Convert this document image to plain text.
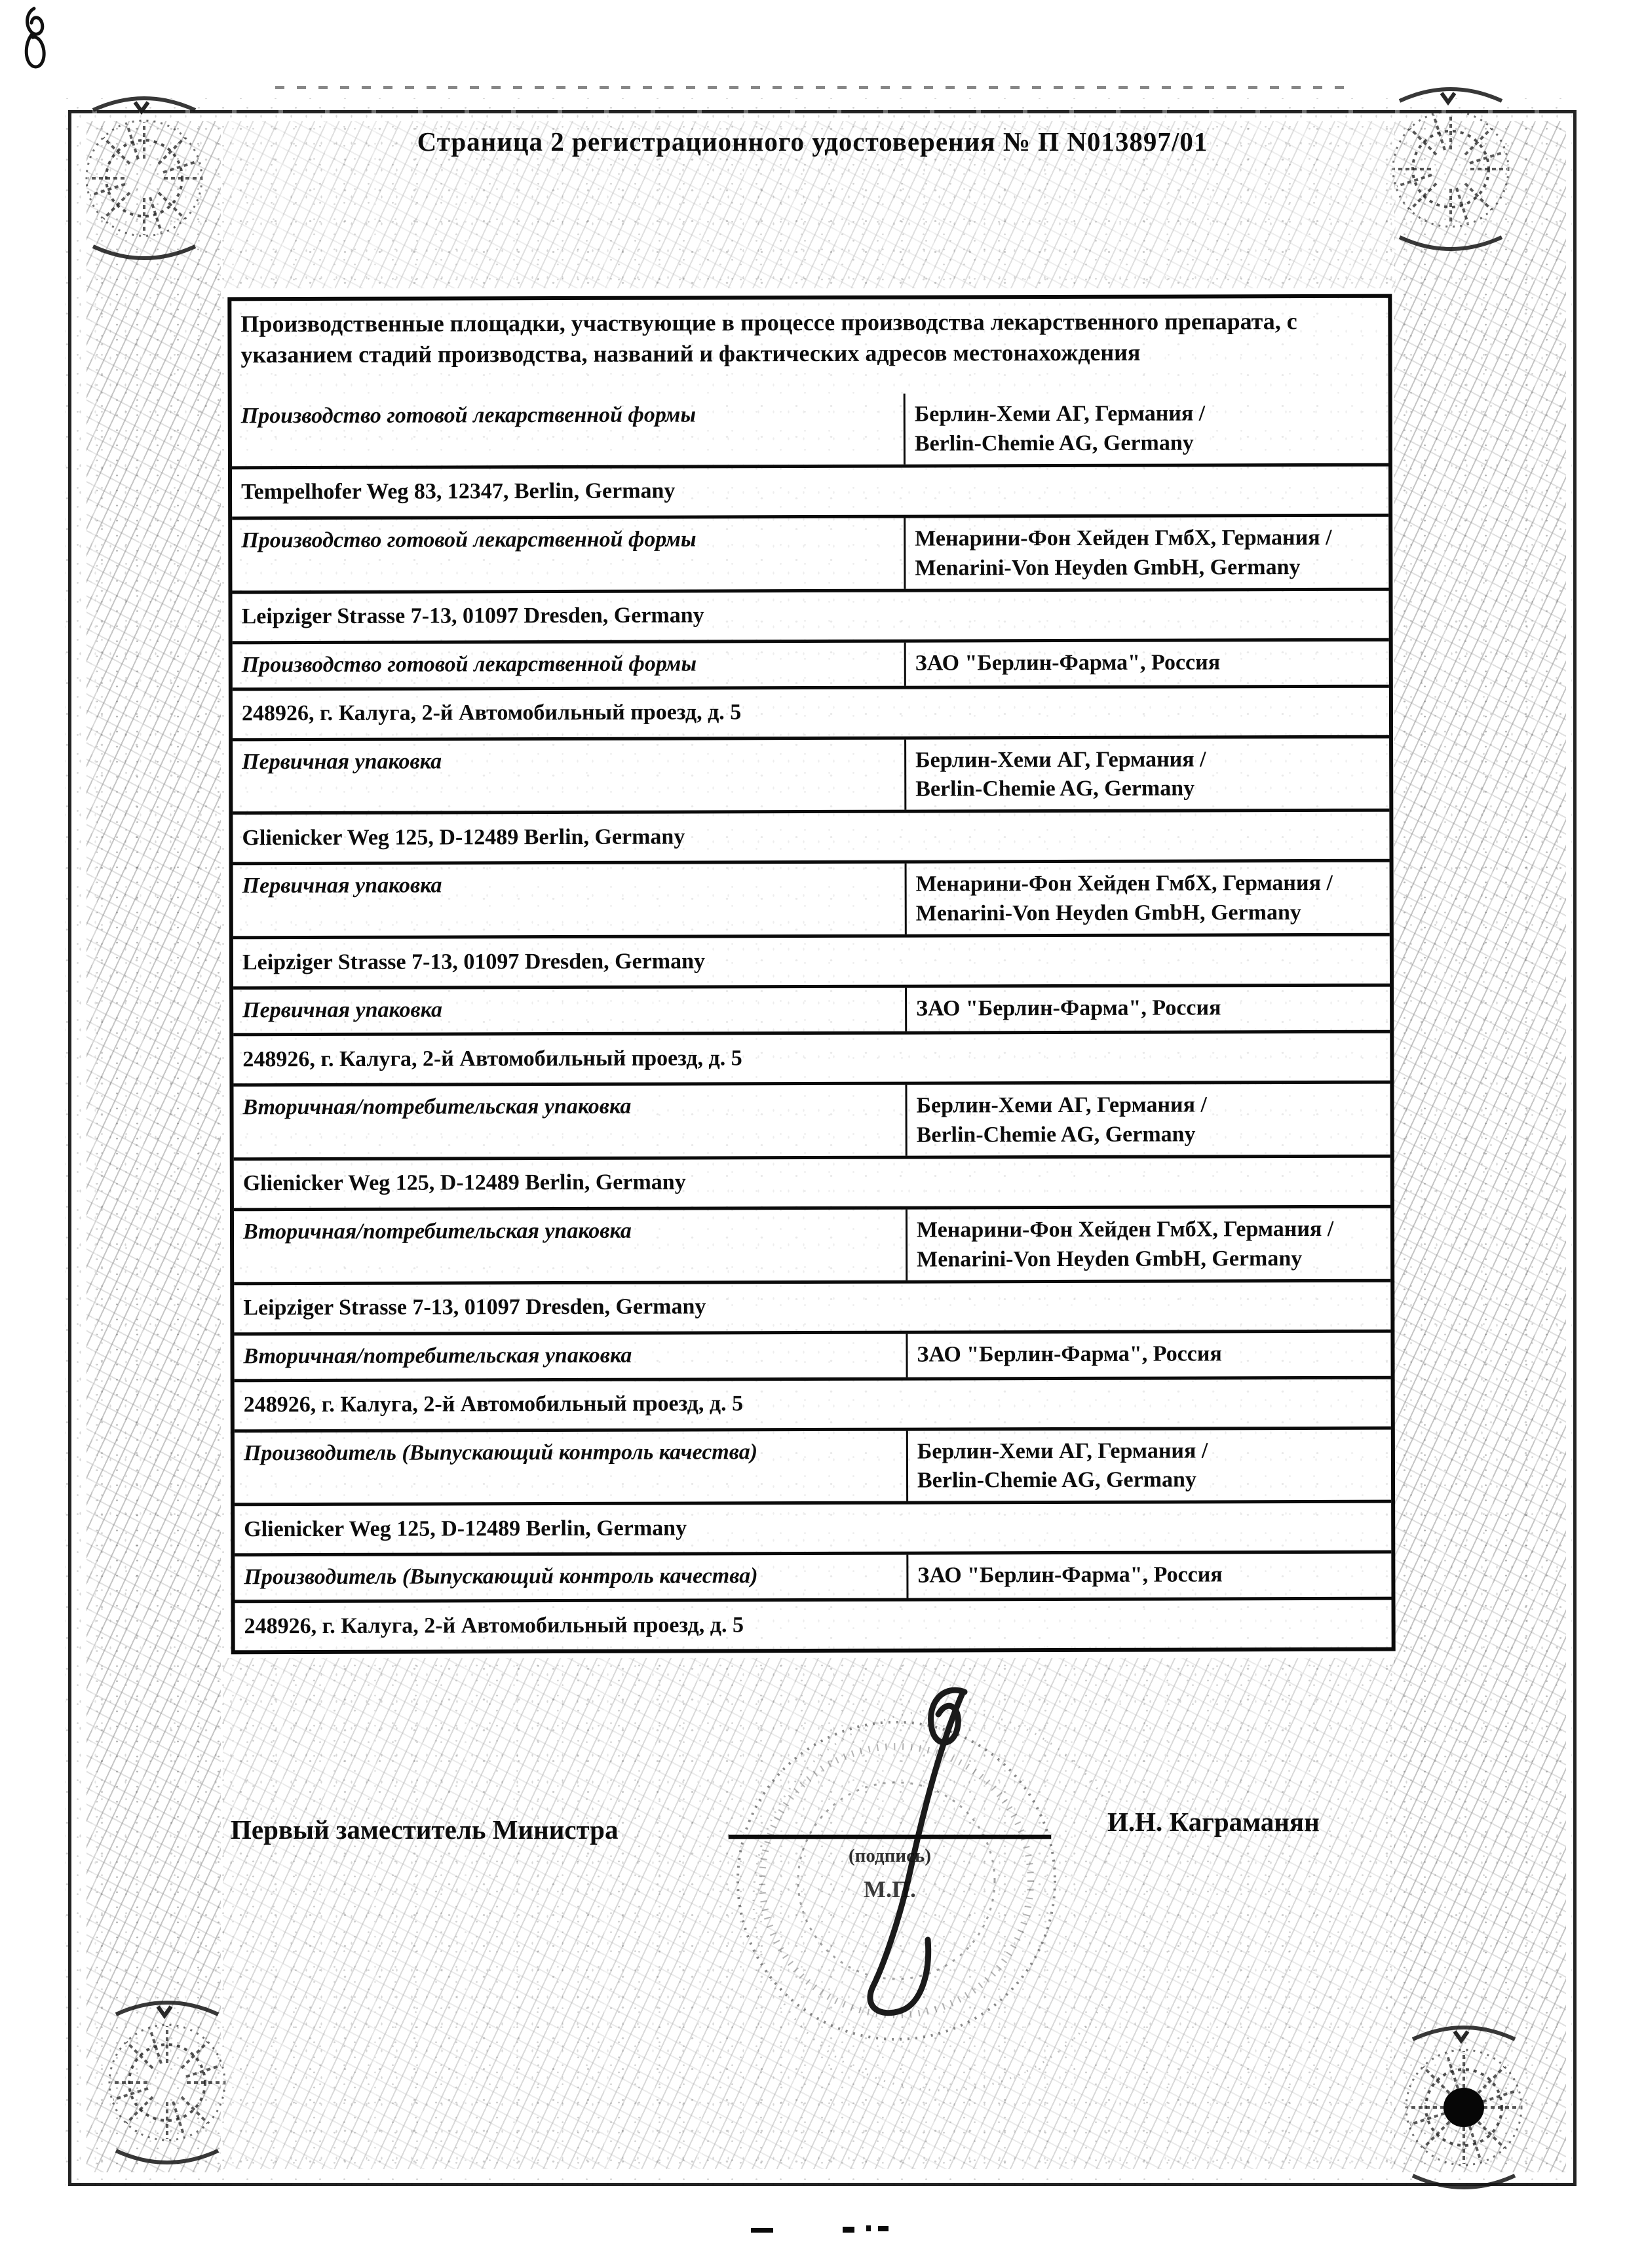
Страница 2 регистрационного удостоверения № П N013897/01
Производственные площадки, участвующие в процессе производства лекарственного препарата, с указанием стадий производства, названий и фактических адресов местонахождения
Производство готовой лекарственной формы	Берлин-Хеми АГ, Германия /
Berlin-Chemie AG, Germany
Tempelhofer Weg 83, 12347, Berlin, Germany
Производство готовой лекарственной формы	Менарини-Фон Хейден ГмбХ, Германия /
Menarini-Von Heyden GmbH, Germany
Leipziger Strasse 7-13, 01097 Dresden, Germany
Производство готовой лекарственной формы	ЗАО "Берлин-Фарма", Россия
248926, г. Калуга, 2-й Автомобильный проезд, д. 5
Первичная упаковка	Берлин-Хеми АГ, Германия /
Berlin-Chemie AG, Germany
Glienicker Weg 125, D-12489 Berlin, Germany
Первичная упаковка	Менарини-Фон Хейден ГмбХ, Германия /
Menarini-Von Heyden GmbH, Germany
Leipziger Strasse 7-13, 01097 Dresden, Germany
Первичная упаковка	ЗАО "Берлин-Фарма", Россия
248926, г. Калуга, 2-й Автомобильный проезд, д. 5
Вторичная/потребительская упаковка	Берлин-Хеми АГ, Германия /
Berlin-Chemie AG, Germany
Glienicker Weg 125, D-12489 Berlin, Germany
Вторичная/потребительская упаковка	Менарини-Фон Хейден ГмбХ, Германия /
Menarini-Von Heyden GmbH, Germany
Leipziger Strasse 7-13, 01097 Dresden, Germany
Вторичная/потребительская упаковка	ЗАО "Берлин-Фарма", Россия
248926, г. Калуга, 2-й Автомобильный проезд, д. 5
Производитель (Выпускающий контроль качества)	Берлин-Хеми АГ, Германия /
Berlin-Chemie AG, Germany
Glienicker Weg 125, D-12489 Berlin, Germany
Производитель (Выпускающий контроль качества)	ЗАО "Берлин-Фарма", Россия
248926, г. Калуга, 2-й Автомобильный проезд, д. 5
Первый заместитель Министра
(подпись)
М.П.
И.Н. Каграманян
